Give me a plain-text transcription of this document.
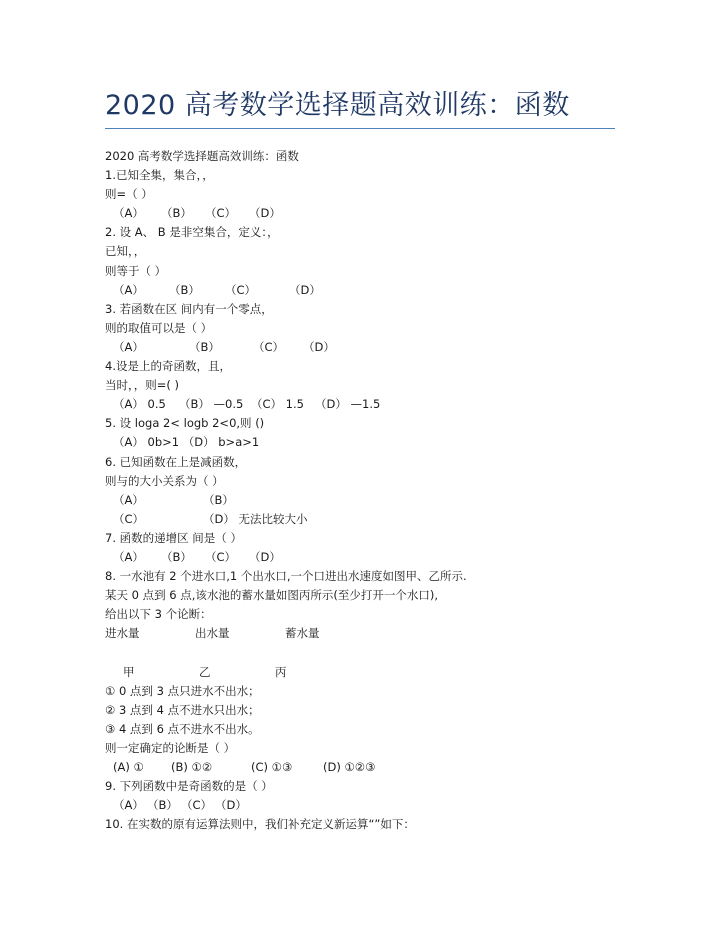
2020 高考数学选择题高效训练：函数
2020 高考数学选择题高效训练：函数
1.已知全集，集合，，
则=（ ）
（A） （B） （C） （D）
2. 设 A、 B 是非空集合，定义：，
已知，，
则等于（ ）
（A） （B） （C）	（D）
3. 若函数在区 间内有一个零点，
则的取值可以是（ ）
（A）	（B）	（C） （D）
4.设是上的奇函数，且，
当时，，则=( )
（A） 0.5 （B） —0.5 （C） 1.5 （D） —1.5
5. 设 loga 2< logb 2<0,则 ()
（A） 0b>1 （D） b>a>1
6. 已知函数在上是减函数，
则与的大小关系为（ ）
（A）	（B）
（C）	（D） 无法比较大小
7. 函数的递增区 间是（ ）
（A） （B） （C） （D）
8. 一水池有 2 个进水口,1 个出水口,一个口进出水速度如图甲、乙所示.
某天 0 点到 6 点,该水池的蓄水量如图丙所示(至少打开一个水口),
给出以下 3 个论断：
进水量	出水量	蓄水量
甲	乙	丙
① 0 点到 3 点只进水不出水；
② 3 点到 4 点不进水只出水；
③ 4 点到 6 点不进水不出水。
则一定确定的论断是（ ）
(A) ① (B) ①②	(C) ①③	(D) ①②③
9. 下列函数中是奇函数的是（ ）
（A） （B） （C） （D）
10. 在实数的原有运算法则中，我们补充定义新运算“”如下：
